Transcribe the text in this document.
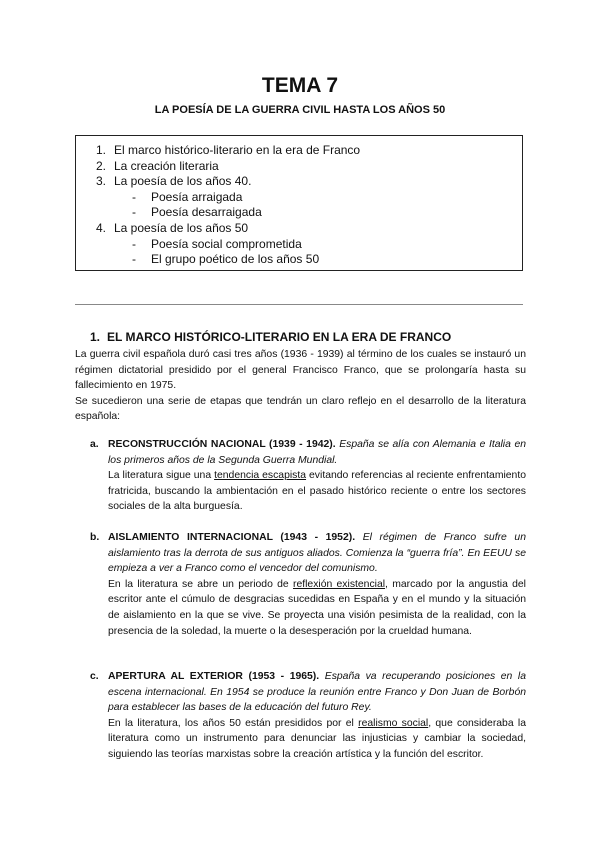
TEMA 7
LA POESÍA DE LA GUERRA CIVIL HASTA LOS AÑOS 50
1. El marco histórico-literario en la era de Franco
2. La creación literaria
3. La poesía de los años 40.
- Poesía arraigada
- Poesía desarraigada
4. La poesía de los años 50
- Poesía social comprometida
- El grupo poético de los años 50
1. EL MARCO HISTÓRICO-LITERARIO EN LA ERA DE FRANCO

La guerra civil española duró casi tres años (1936 - 1939) al término de los cuales se instauró un régimen dictatorial presidido por el general Francisco Franco, que se prolongaría hasta su fallecimiento en 1975.

Se sucedieron una serie de etapas que tendrán un claro reflejo en el desarrollo de la literatura española:

a. RECONSTRUCCIÓN NACIONAL (1939 - 1942). España se alía con Alemania e Italia en los primeros años de la Segunda Guerra Mundial.

La literatura sigue una tendencia escapista evitando referencias al reciente enfrentamiento fratricida, buscando la ambientación en el pasado histórico reciente o entre los sectores sociales de la alta burguesía.

b. AISLAMIENTO INTERNACIONAL (1943 - 1952). El régimen de Franco sufre un aislamiento tras la derrota de sus antiguos aliados. Comienza la “guerra fría”. En EEUU se empieza a ver a Franco como el vencedor del comunismo.

En la literatura se abre un periodo de reflexión existencial, marcado por la angustia del escritor ante el cúmulo de desgracias sucedidas en España y en el mundo y la situación de aislamiento en la que se vive. Se proyecta una visión pesimista de la realidad, con la presencia de la soledad, la muerte o la desesperación por la crueldad humana.

c. APERTURA AL EXTERIOR (1953 - 1965). España va recuperando posiciones en la escena internacional. En 1954 se produce la reunión entre Franco y Don Juan de Borbón para establecer las bases de la educación del futuro Rey.

En la literatura, los años 50 están presididos por el realismo social, que consideraba la literatura como un instrumento para denunciar las injusticias y cambiar la sociedad, siguiendo las teorías marxistas sobre la creación artística y la función del escritor.
